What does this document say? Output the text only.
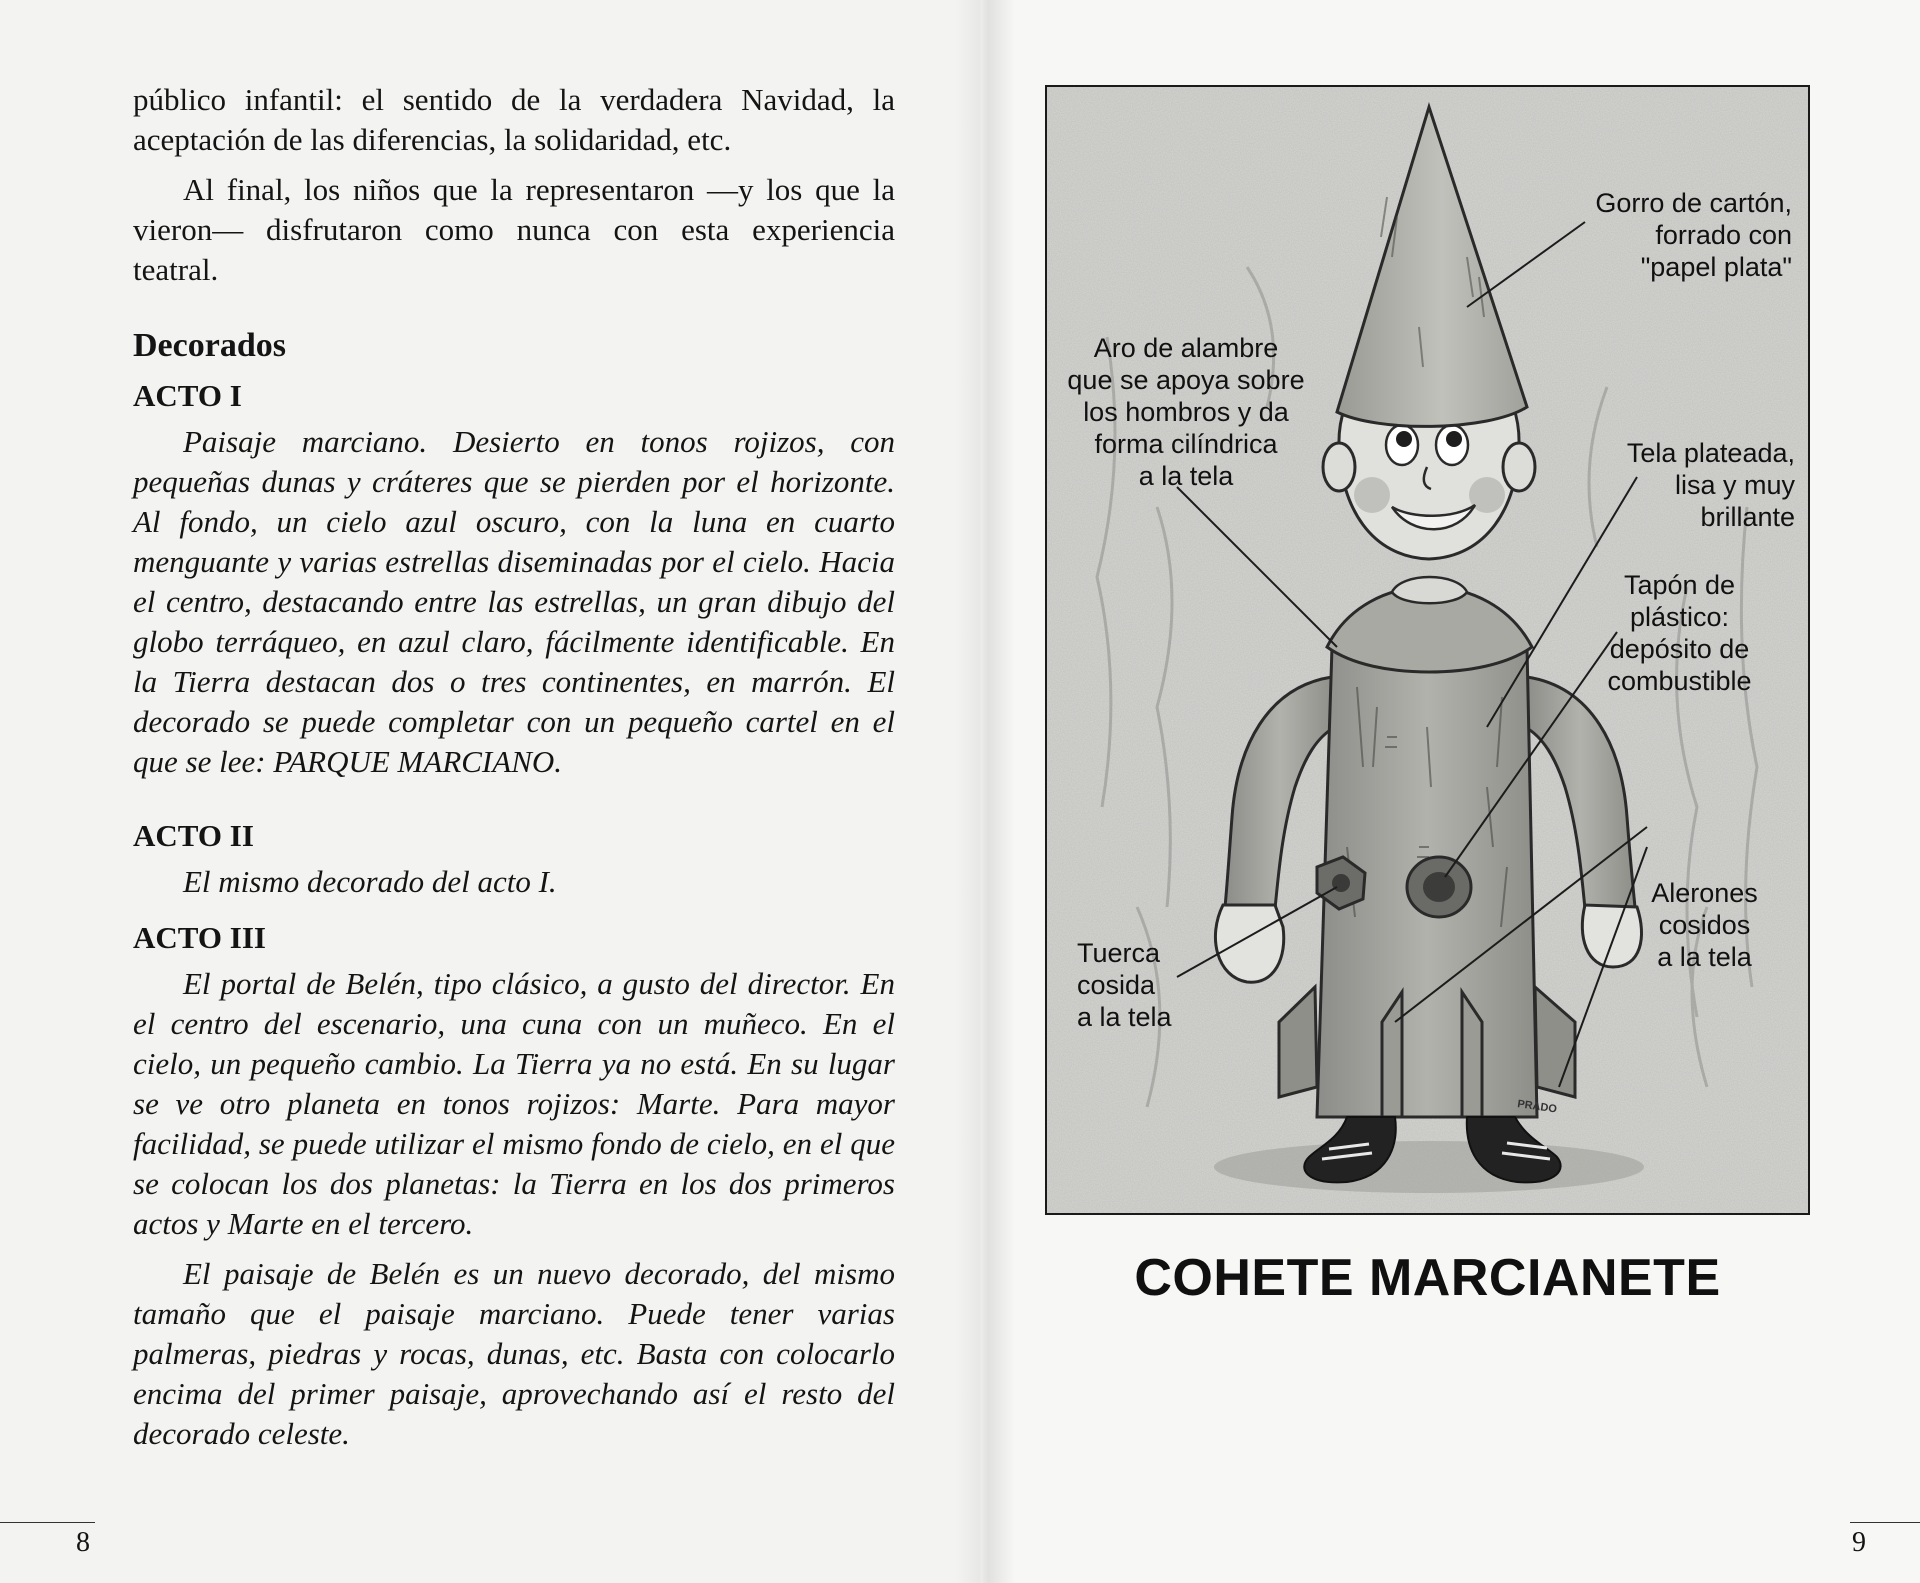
público infantil: el sentido de la verdadera Navidad, la aceptación de las diferencias, la solidaridad, etc.

Al final, los niños que la representaron —y los que la vieron— disfrutaron como nunca con esta experiencia teatral.

Decorados
ACTO I

Paisaje marciano. Desierto en tonos rojizos, con pequeñas dunas y cráteres que se pierden por el horizonte. Al fondo, un cielo azul oscuro, con la luna en cuarto menguante y varias estrellas diseminadas por el cielo. Hacia el centro, destacando entre las estrellas, un gran dibujo del globo terráqueo, en azul claro, fácilmente identificable. En la Tierra destacan dos o tres continentes, en marrón. El decorado se puede completar con un pequeño cartel en el que se lee: PARQUE MARCIANO.

ACTO II

El mismo decorado del acto I.

ACTO III

El portal de Belén, tipo clásico, a gusto del director. En el centro del escenario, una cuna con un muñeco. En el cielo, un pequeño cambio. La Tierra ya no está. En su lugar se ve otro planeta en tonos rojizos: Marte. Para mayor facilidad, se puede utilizar el mismo fondo de cielo, en el que se colocan los dos planetas: la Tierra en los dos primeros actos y Marte en el tercero.

El paisaje de Belén es un nuevo decorado, del mismo tamaño que el paisaje marciano. Puede tener varias palmeras, piedras y rocas, dunas, etc. Basta con colocarlo encima del primer paisaje, aprovechando así el resto del decorado celeste.

8
PRADO
Gorro de cartón,
forrado con
"papel plata"
Aro de alambre
que se apoya sobre
los hombros y da
forma cilíndrica
a la tela
Tela plateada,
lisa y muy
brillante
Tapón de
plástico:
depósito de
combustible
Alerones
cosidos
a la tela
Tuerca
cosida
a la tela
COHETE MARCIANETE
9
